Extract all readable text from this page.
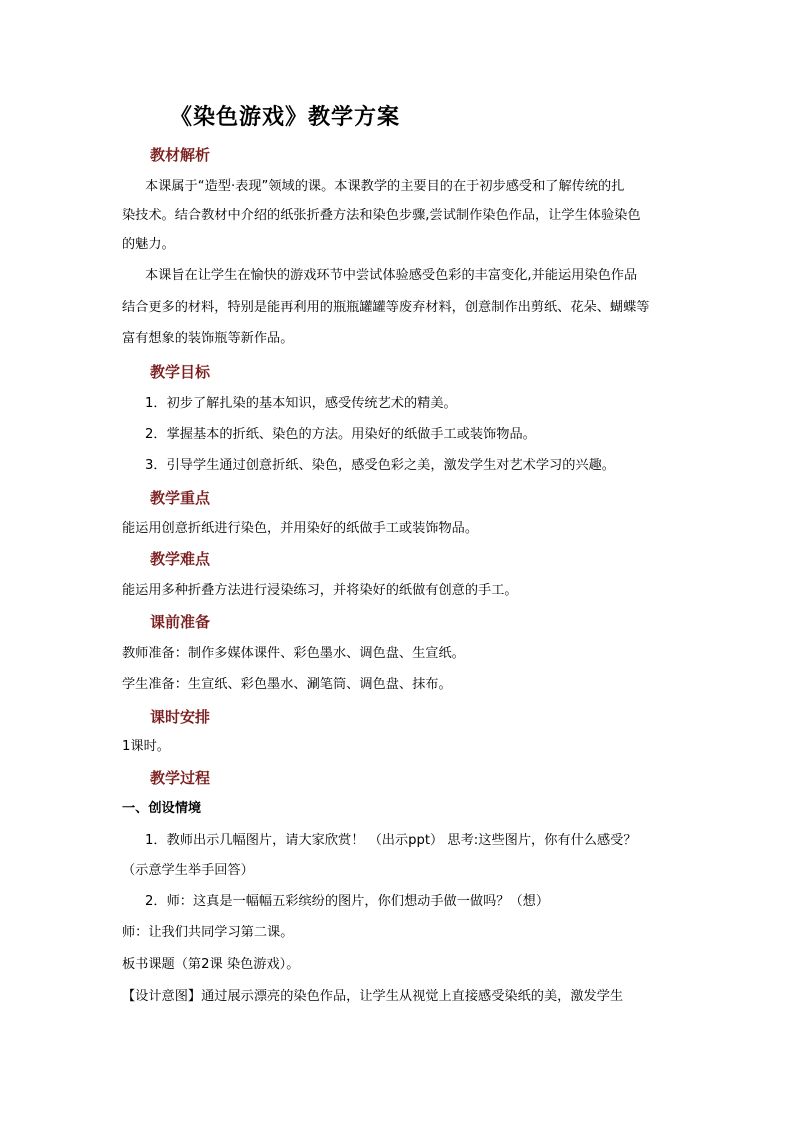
《染色游戏》教学方案
教材解析

本课属于“造型·表现”领域的课。本课教学的主要目的在于初步感受和了解传统的扎

染技术。结合教材中介绍的纸张折叠方法和染色步骤,尝试制作染色作品，让学生体验染色

的魅力。

本课旨在让学生在愉快的游戏环节中尝试体验感受色彩的丰富变化,并能运用染色作品

结合更多的材料，特别是能再利用的瓶瓶罐罐等废弃材料，创意制作出剪纸、花朵、蝴蝶等

富有想象的装饰瓶等新作品。

教学目标

1．初步了解扎染的基本知识，感受传统艺术的精美。

2．掌握基本的折纸、染色的方法。用染好的纸做手工或装饰物品。

3．引导学生通过创意折纸、染色，感受色彩之美，激发学生对艺术学习的兴趣。

教学重点

能运用创意折纸进行染色，并用染好的纸做手工或装饰物品。

教学难点

能运用多种折叠方法进行浸染练习，并将染好的纸做有创意的手工。

课前准备

教师准备：制作多媒体课件、彩色墨水、调色盘、生宣纸。

学生准备：生宣纸、彩色墨水、涮笔筒、调色盘、抹布。

课时安排

1课时。

教学过程

一、创设情境

1．教师出示几幅图片，请大家欣赏！ （出示ppt） 思考:这些图片，你有什么感受？

（示意学生举手回答）

2．师：这真是一幅幅五彩缤纷的图片，你们想动手做一做吗？（想）

师：让我们共同学习第二课。

板书课题（第2课 染色游戏）。

【设计意图】通过展示漂亮的染色作品，让学生从视觉上直接感受染纸的美，激发学生
